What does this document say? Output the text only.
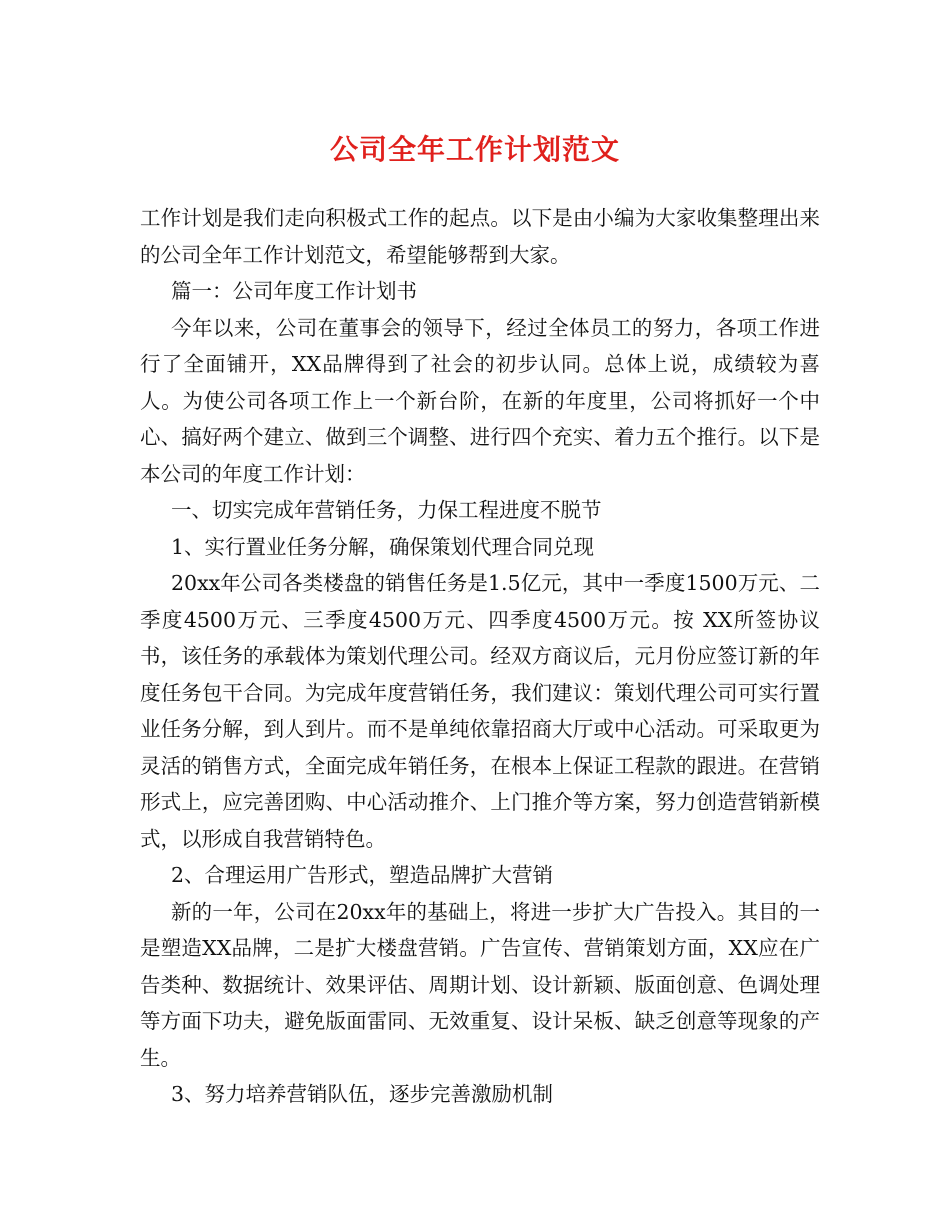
公司全年工作计划范文

工作计划是我们走向积极式工作的起点。以下是由小编为大家收集整理出来的公司全年工作计划范文，希望能够帮到大家。

篇一：公司年度工作计划书

今年以来，公司在董事会的领导下，经过全体员工的努力，各项工作进行了全面铺开，XX品牌得到了社会的初步认同。总体上说，成绩较为喜人。为使公司各项工作上一个新台阶，在新的年度里，公司将抓好一个中心、搞好两个建立、做到三个调整、进行四个充实、着力五个推行。以下是本公司的年度工作计划：

一、切实完成年营销任务，力保工程进度不脱节

1、实行置业任务分解，确保策划代理合同兑现

20xx年公司各类楼盘的销售任务是1.5亿元，其中一季度1500万元、二季度4500万元、三季度4500万元、四季度4500万元。按 XX所签协议书，该任务的承载体为策划代理公司。经双方商议后，元月份应签订新的年度任务包干合同。为完成年度营销任务，我们建议：策划代理公司可实行置业任务分解，到人到片。而不是单纯依靠招商大厅或中心活动。可采取更为灵活的销售方式，全面完成年销任务，在根本上保证工程款的跟进。在营销形式上，应完善团购、中心活动推介、上门推介等方案，努力创造营销新模式，以形成自我营销特色。

2、合理运用广告形式，塑造品牌扩大营销

新的一年，公司在20xx年的基础上，将进一步扩大广告投入。其目的一是塑造XX品牌，二是扩大楼盘营销。广告宣传、营销策划方面，XX应在广告类种、数据统计、效果评估、周期计划、设计新颖、版面创意、色调处理等方面下功夫，避免版面雷同、无效重复、设计呆板、缺乏创意等现象的产生。

3、努力培养营销队伍，逐步完善激励机制
